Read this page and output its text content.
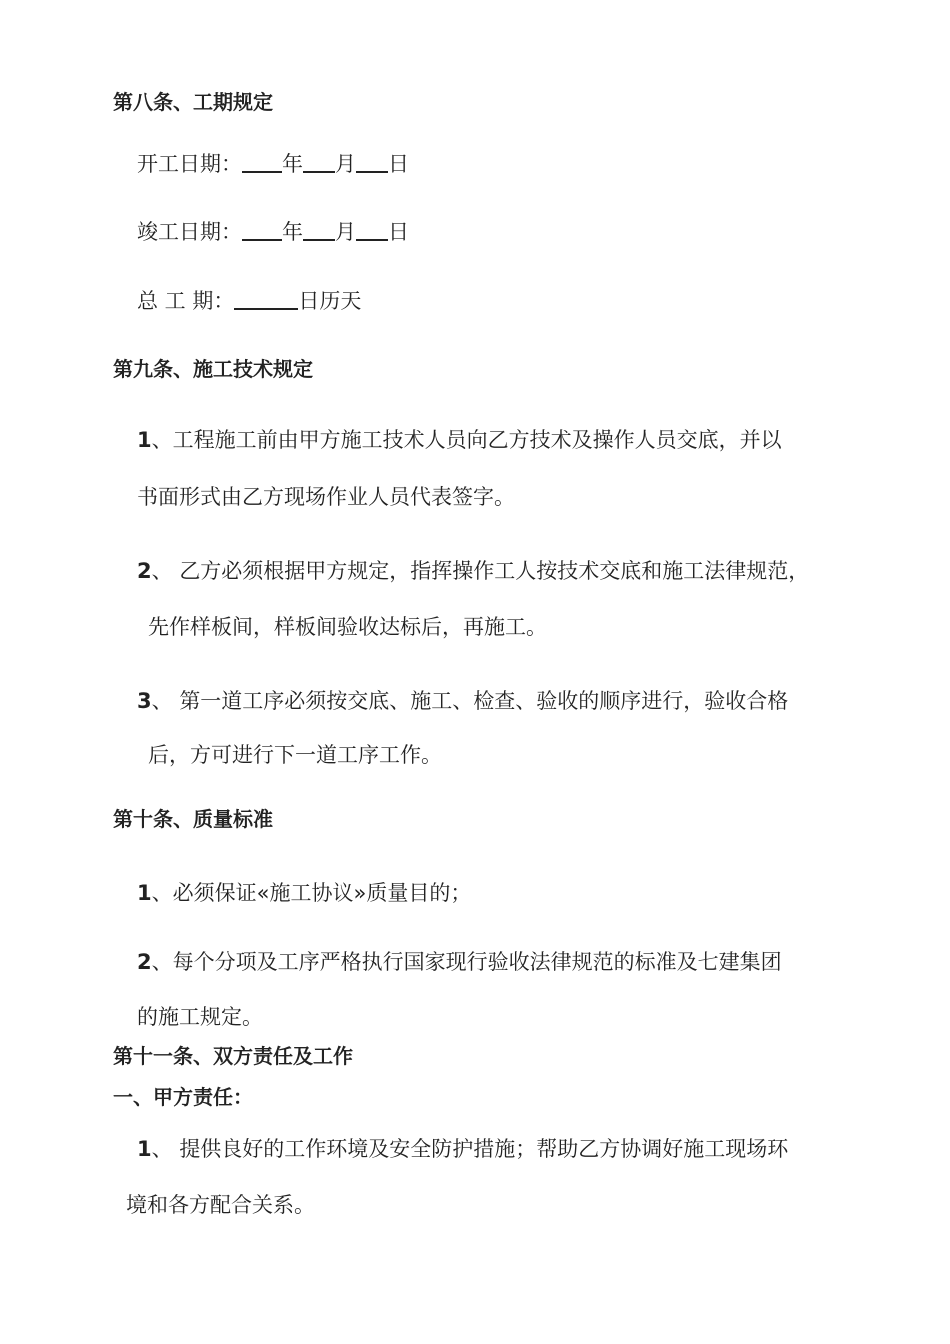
第八条、工期规定
开工日期： 年 月 日
竣工日期： 年 月 日
总 工 期：	日历天
第九条、施工技术规定
1、工程施工前由甲方施工技术人员向乙方技术及操作人员交底，并以
书面形式由乙方现场作业人员代表签字。
2、 乙方必须根据甲方规定，指挥操作工人按技术交底和施工法律规范，
先作样板间，样板间验收达标后，再施工。
3、 第一道工序必须按交底、施工、检查、验收的顺序进行，验收合格
后，方可进行下一道工序工作。
第十条、质量标准
1、必须保证«施工协议»质量目的；
2、每个分项及工序严格执行国家现行验收法律规范的标准及七建集团
的施工规定。
第十一条、双方责任及工作
一、甲方责任：
1、 提供良好的工作环境及安全防护措施；帮助乙方协调好施工现场环
境和各方配合关系。
